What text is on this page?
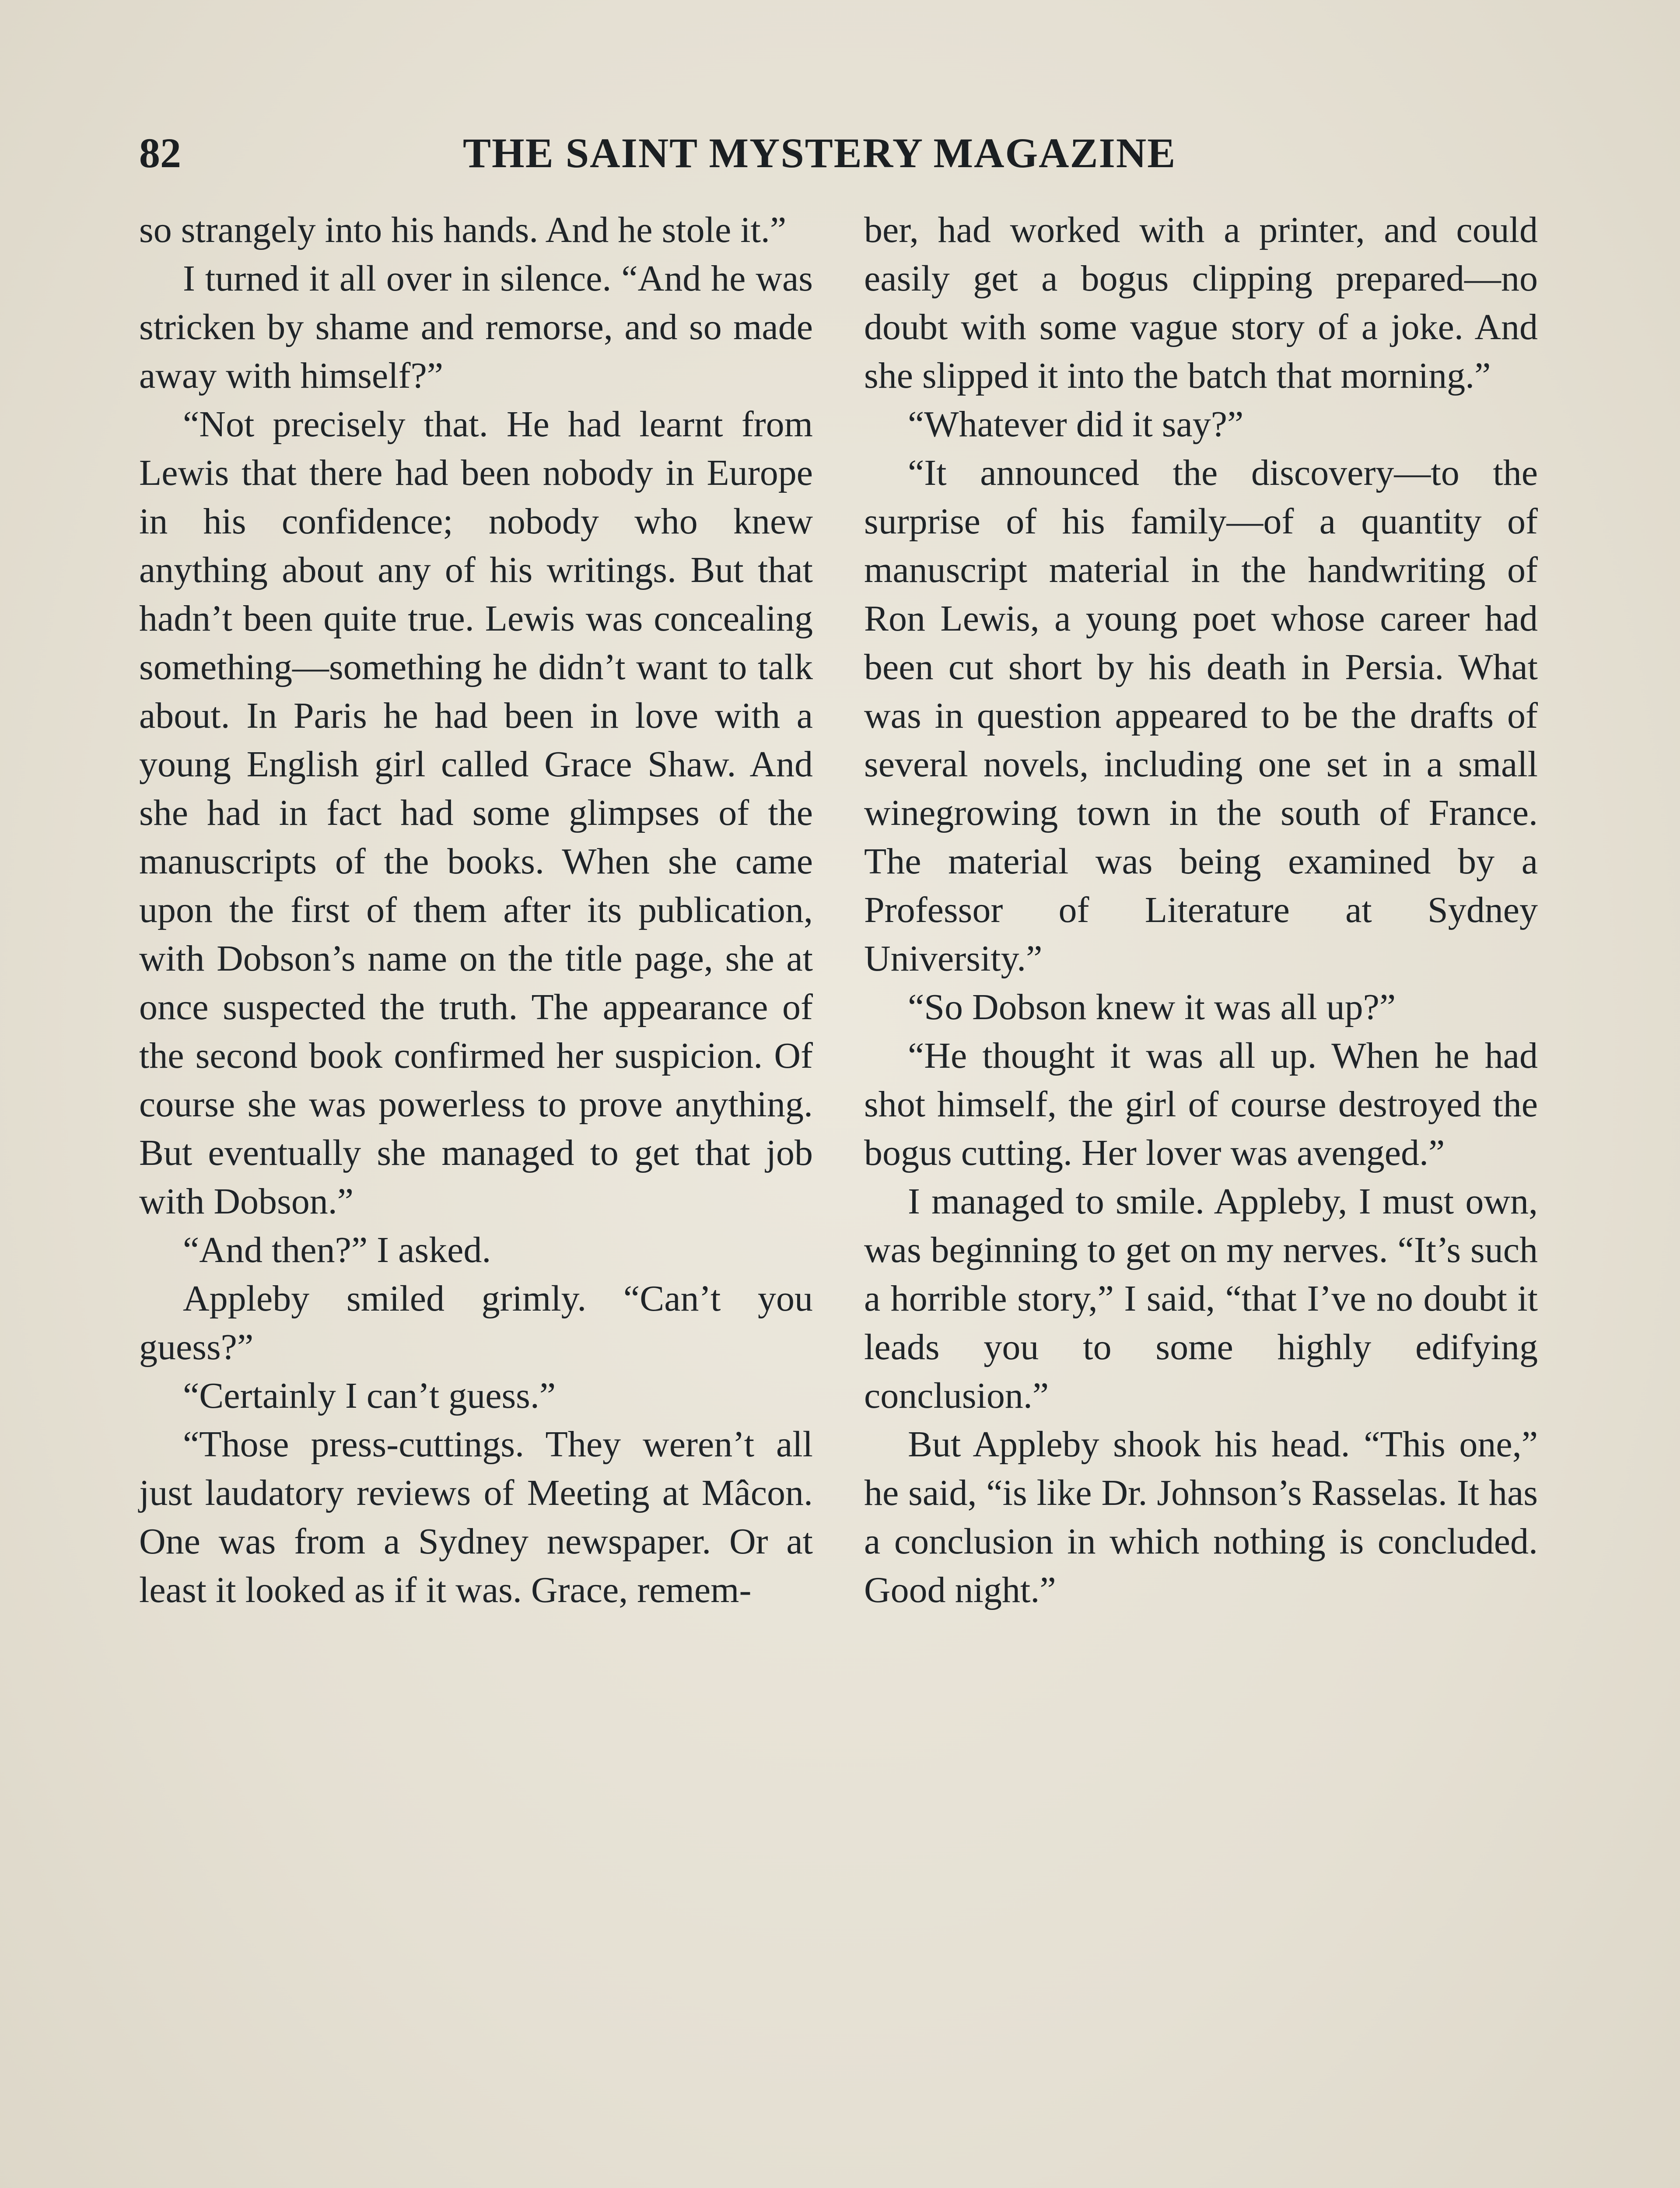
82	THE SAINT MYSTERY MAGAZINE

so strangely into his hands. And he stole it.”

I turned it all over in silence. “And he was stricken by shame and remorse, and so made away with himself?”

“Not precisely that. He had learnt from Lewis that there had been nobody in Europe in his confidence; nobody who knew anything about any of his writings. But that hadn’t been quite true. Lewis was concealing something—something he didn’t want to talk about. In Paris he had been in love with a young English girl called Grace Shaw. And she had in fact had some glimpses of the manuscripts of the books. When she came upon the first of them after its publication, with Dobson’s name on the title page, she at once suspected the truth. The appearance of the second book confirmed her suspicion. Of course she was powerless to prove anything. But eventually she managed to get that job with Dobson.”

“And then?” I asked.

Appleby smiled grimly. “Can’t you guess?”

“Certainly I can’t guess.”

“Those press-cuttings. They weren’t all just laudatory reviews of Meeting at Mâcon. One was from a Sydney newspaper. Or at least it looked as if it was. Grace, remem-

ber, had worked with a printer, and could easily get a bogus clipping prepared—no doubt with some vague story of a joke. And she slipped it into the batch that morning.”

“Whatever did it say?”

“It announced the discovery—to the surprise of his family—of a quantity of manuscript material in the handwriting of Ron Lewis, a young poet whose career had been cut short by his death in Persia. What was in question appeared to be the drafts of several novels, including one set in a small winegrowing town in the south of France. The material was being examined by a Professor of Literature at Sydney University.”

“So Dobson knew it was all up?”

“He thought it was all up. When he had shot himself, the girl of course destroyed the bogus cutting. Her lover was avenged.”

I managed to smile. Appleby, I must own, was beginning to get on my nerves. “It’s such a horrible story,” I said, “that I’ve no doubt it leads you to some highly edifying conclusion.”

But Appleby shook his head. “This one,” he said, “is like Dr. Johnson’s Rasselas. It has a conclusion in which nothing is concluded. Good night.”
